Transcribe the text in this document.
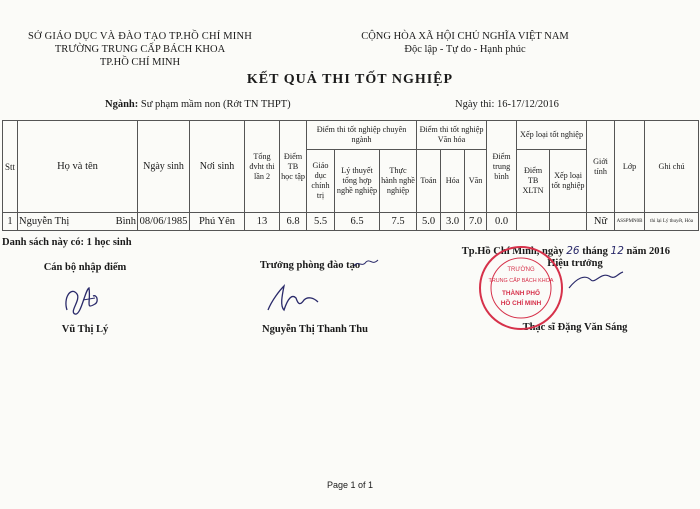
SỞ GIÁO DỤC VÀ ĐÀO TẠO TP.HỒ CHÍ MINH
TRƯỜNG TRUNG CẤP BÁCH KHOA
TP.HỒ CHÍ MINH
CỘNG HÒA XÃ HỘI CHỦ NGHĨA VIỆT NAM
Độc lập - Tự do - Hạnh phúc
KẾT QUẢ THI TỐT NGHIỆP
Ngành: Sư phạm mầm non (Rớt TN THPT)	Ngày thi: 16-17/12/2016
Stt	Họ và tên		Ngày sinh	Nơi sinh	Tổng đvht thi lần 2	Điểm TB học tập	Điểm thi tốt nghiệp chuyên ngành			Điểm thi tốt nghiệp Văn hóa			Điểm trung bình	Xếp loại tốt nghiệp		Giới tính	Lớp	Ghi chú
							Giáo dục chính trị	Lý thuyết tổng hợp nghề nghiệp	Thực hành nghề nghiệp	Toán	Hóa	Văn		Điểm TB XLTN	Xếp loại tốt nghiệp			

1	Nguyễn Thị	Bình	08/06/1985	Phú Yên	13	6.8	5.5	6.5	7.5	5.0	3.0	7.0	0.0			Nữ	ASSPMN0B	thi lại Lý thuyết, Hóa
Danh sách này có: 1 học sinh
Cán bộ nhập điểm
Vũ Thị Lý
Trưởng phòng đào tạo
Nguyễn Thị Thanh Thu
Tp.Hồ Chí Minh, ngày 26 tháng 12 năm 2016
Hiệu trưởng
Thạc sĩ Đặng Văn Sáng
TRƯỜNG
TRUNG CẤP BÁCH KHOA
THÀNH PHỐ
HỒ CHÍ MINH
Page 1 of 1
